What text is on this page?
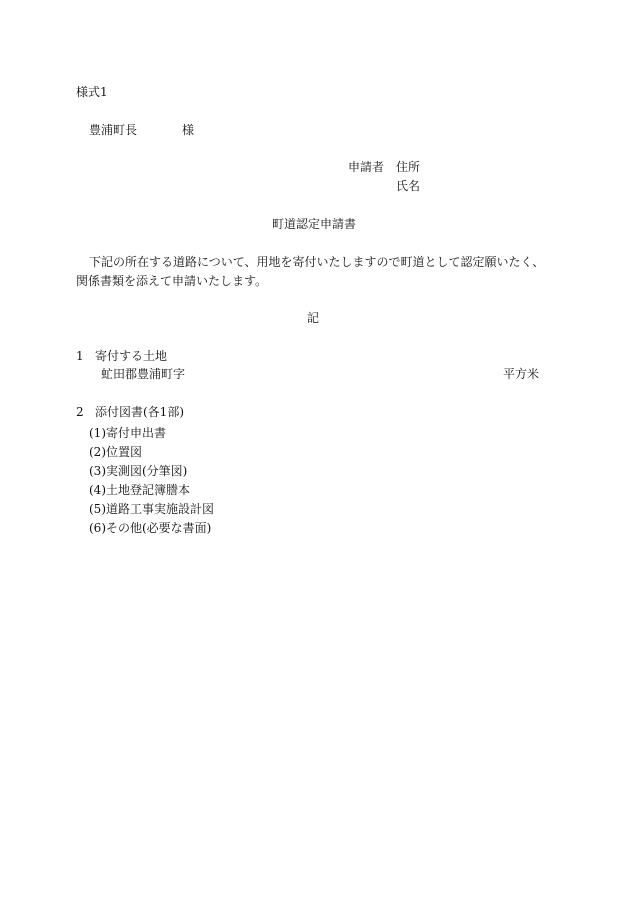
様式1
豊浦町長	様
申請者 住所
氏名
町道認定申請書
下記の所在する道路について、用地を寄付いたしますので町道として認定願いたく、関係書類を添えて申請いたします。
記
1 寄付する土地
虻田郡豊浦町字	平方米
2 添付図書(各1部)
(1)寄付申出書
(2)位置図
(3)実測図(分筆図)
(4)土地登記簿謄本
(5)道路工事実施設計図
(6)その他(必要な書面)
